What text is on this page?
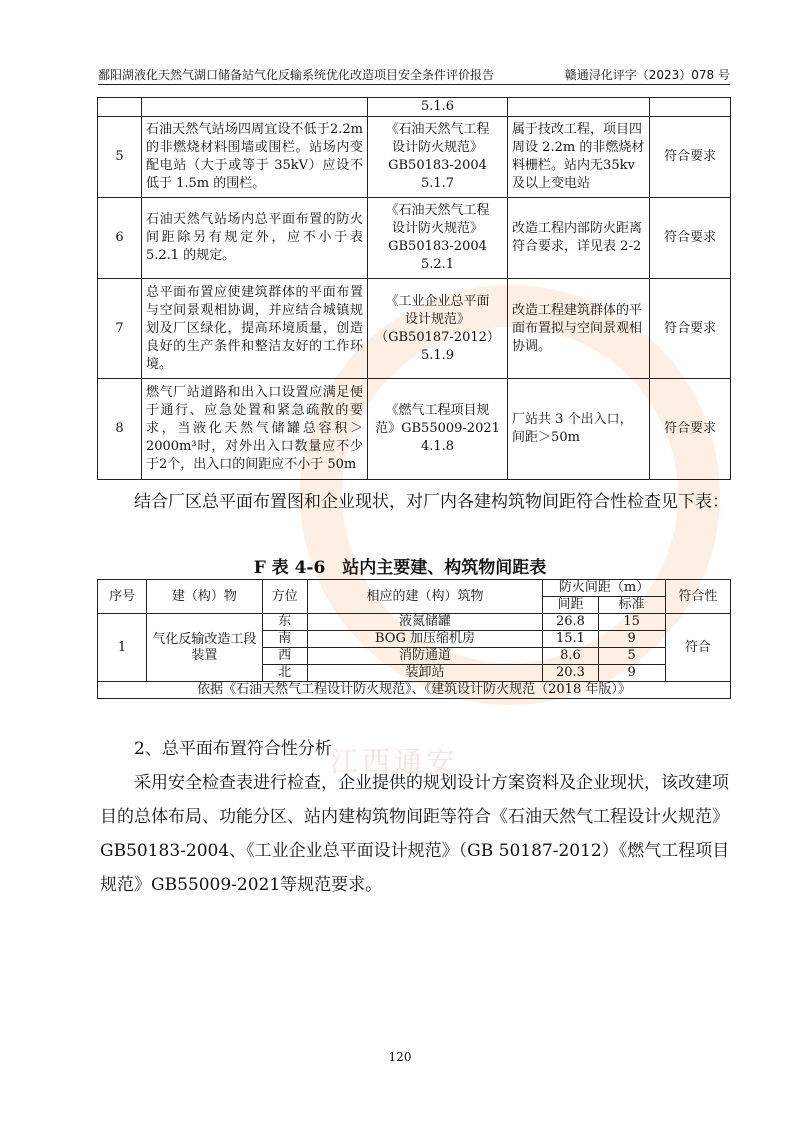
江西通安
鄱阳湖液化天然气湖口储备站气化反输系统优化改造项目安全条件评价报告	赣通浔化评字（2023）078 号
		5.1.6		
5	石油天然气站场四周宜设不低于2.2m 的非燃烧材料围墙或围栏。站场内变配电站（大于或等于 35kV）应设不低于 1.5m 的围栏。	《石油天然气工程
设计防火规范》
GB50183-2004
5.1.7	属于技改工程，项目四周设 2.2m 的非燃烧材料栅栏。站内无35kv 及以上变电站	符合要求
6	石油天然气站场内总平面布置的防火间距除另有规定外，应不小于表 5.2.1 的规定。	《石油天然气工程
设计防火规范》
GB50183-2004
5.2.1	改造工程内部防火距离符合要求，详见表 2-2	符合要求
7	总平面布置应使建筑群体的平面布置与空间景观相协调，并应结合城镇规划及厂区绿化，提高环境质量，创造良好的生产条件和整洁友好的工作环境。	《工业企业总平面
设计规范》
（GB50187-2012）
5.1.9	改造工程建筑群体的平面布置拟与空间景观相协调。	符合要求
8	燃气厂站道路和出入口设置应满足便于通行、应急处置和紧急疏散的要求，当液化天然气储罐总容积＞2000m³时，对外出入口数量应不少于2个，出入口的间距应不小于 50m	《燃气工程项目规
范》GB55009-2021
4.1.8	厂站共 3 个出入口，间距＞50m	符合要求
结合厂区总平面布置图和企业现状，对厂内各建构筑物间距符合性检查见下表：
F 表 4-6　站内主要建、构筑物间距表
序号	建（构）物	方位	相应的建（构）筑物	防火间距（m）		符合性
				间距	标准	
1	气化反输改造工段装置	东	液氮储罐	26.8	15	符合
		南	BOG 加压缩机房	15.1	9	
		西	消防通道	8.6	5	
		北	装卸站	20.3	9	
依据《石油天然气工程设计防火规范》、《建筑设计防火规范（2018 年版）》						
2、总平面布置符合性分析
采用安全检查表进行检查，企业提供的规划设计方案资料及企业现状，该改建项目的总体布局、功能分区、站内建构筑物间距等符合《石油天然气工程设计火规范》GB50183-2004、《工业企业总平面设计规范》（GB 50187-2012）《燃气工程项目规范》GB55009-2021等规范要求。
120
